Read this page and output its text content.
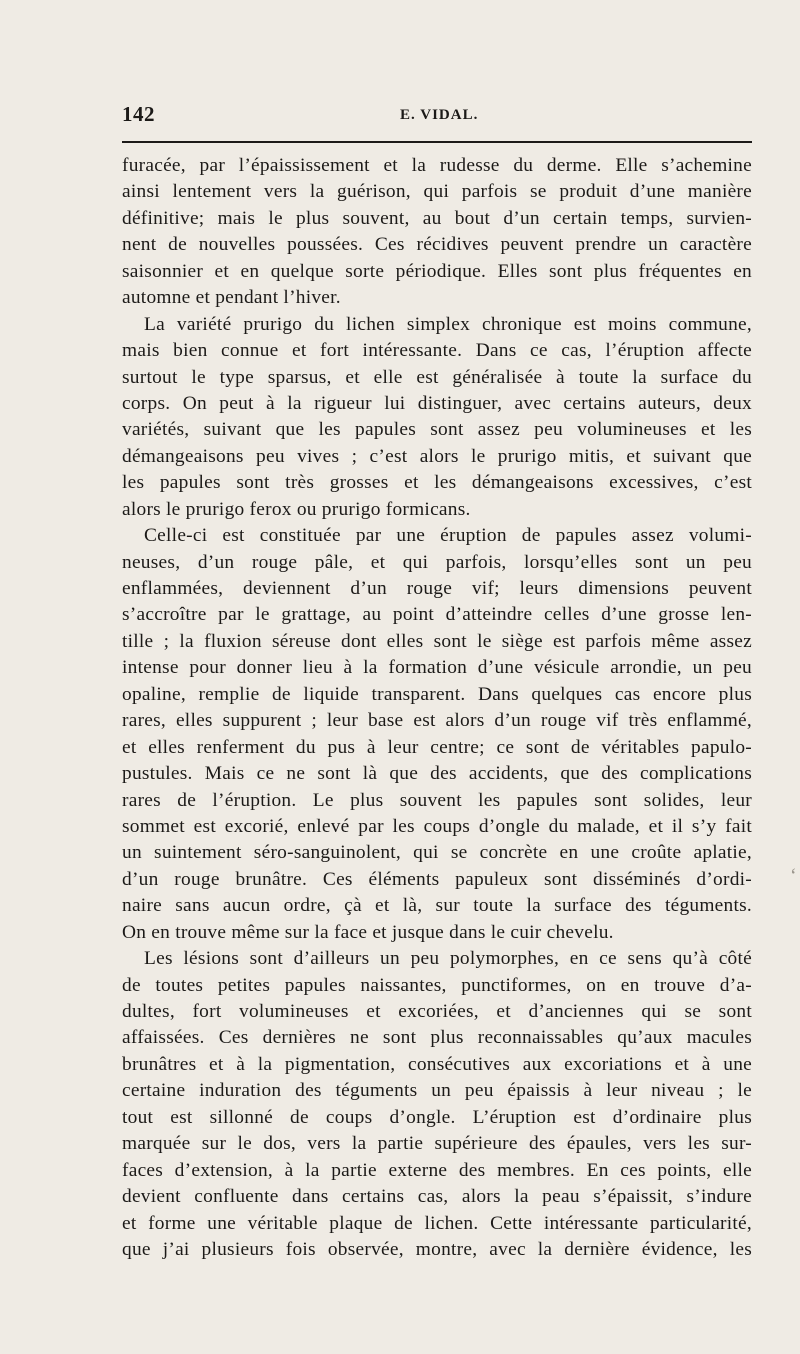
142	E. VIDAL.
furacée, par l’épaississement et la rudesse du derme. Elle s’achemine
ainsi lentement vers la guérison, qui parfois se produit d’une manière
définitive; mais le plus souvent, au bout d’un certain temps, survien-
nent de nouvelles poussées. Ces récidives peuvent prendre un caractère
saisonnier et en quelque sorte périodique. Elles sont plus fréquentes en
automne et pendant l’hiver.
La variété prurigo du lichen simplex chronique est moins commune,
mais bien connue et fort intéressante. Dans ce cas, l’éruption affecte
surtout le type sparsus, et elle est généralisée à toute la surface du
corps. On peut à la rigueur lui distinguer, avec certains auteurs, deux
variétés, suivant que les papules sont assez peu volumineuses et les
démangeaisons peu vives ; c’est alors le prurigo mitis, et suivant que
les papules sont très grosses et les démangeaisons excessives, c’est
alors le prurigo ferox ou prurigo formicans.
Celle-ci est constituée par une éruption de papules assez volumi-
neuses, d’un rouge pâle, et qui parfois, lorsqu’elles sont un peu
enflammées, deviennent d’un rouge vif; leurs dimensions peuvent
s’accroître par le grattage, au point d’atteindre celles d’une grosse len-
tille ; la fluxion séreuse dont elles sont le siège est parfois même assez
intense pour donner lieu à la formation d’une vésicule arrondie, un peu
opaline, remplie de liquide transparent. Dans quelques cas encore plus
rares, elles suppurent ; leur base est alors d’un rouge vif très enflammé,
et elles renferment du pus à leur centre; ce sont de véritables papulo-
pustules. Mais ce ne sont là que des accidents, que des complications
rares de l’éruption. Le plus souvent les papules sont solides, leur
sommet est excorié, enlevé par les coups d’ongle du malade, et il s’y fait
un suintement séro-sanguinolent, qui se concrète en une croûte aplatie,
d’un rouge brunâtre. Ces éléments papuleux sont disséminés d’ordi-
naire sans aucun ordre, çà et là, sur toute la surface des téguments.
On en trouve même sur la face et jusque dans le cuir chevelu.
Les lésions sont d’ailleurs un peu polymorphes, en ce sens qu’à côté
de toutes petites papules naissantes, punctiformes, on en trouve d’a-
dultes, fort volumineuses et excoriées, et d’anciennes qui se sont
affaissées. Ces dernières ne sont plus reconnaissables qu’aux macules
brunâtres et à la pigmentation, consécutives aux excoriations et à une
certaine induration des téguments un peu épaissis à leur niveau ; le
tout est sillonné de coups d’ongle. L’éruption est d’ordinaire plus
marquée sur le dos, vers la partie supérieure des épaules, vers les sur-
faces d’extension, à la partie externe des membres. En ces points, elle
devient confluente dans certains cas, alors la peau s’épaissit, s’indure
et forme une véritable plaque de lichen. Cette intéressante particularité,
que j’ai plusieurs fois observée, montre, avec la dernière évidence, les
‘
